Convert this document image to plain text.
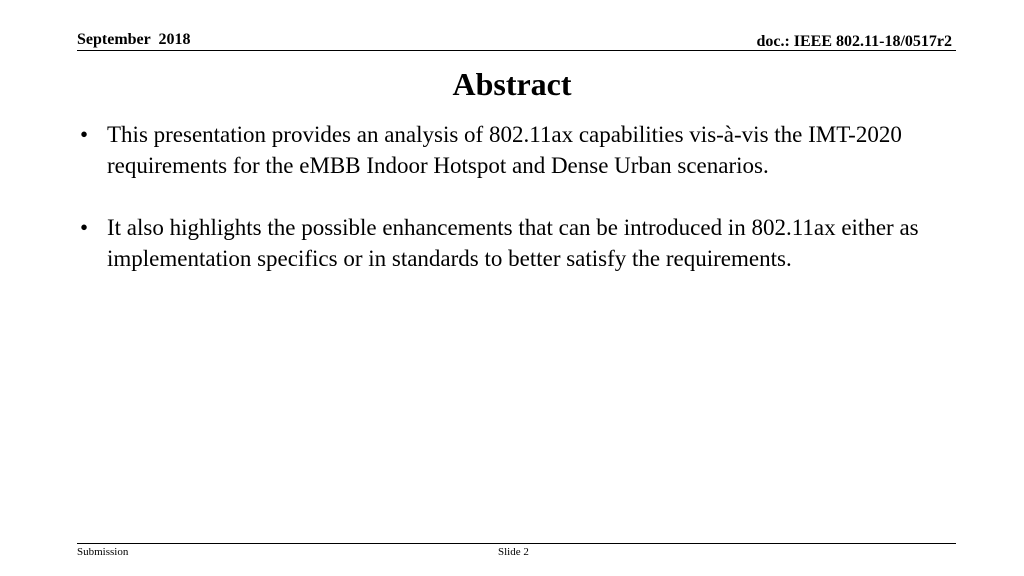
September  2018	doc.: IEEE 802.11-18/0517r2
Abstract
• This presentation provides an analysis of 802.11ax capabilities vis-à-vis the IMT-2020 requirements for the eMBB Indoor Hotspot and Dense Urban scenarios.
• It also highlights the possible enhancements that can be introduced in 802.11ax either as implementation specifics or in standards to better satisfy the requirements.
Submission	Slide 2
